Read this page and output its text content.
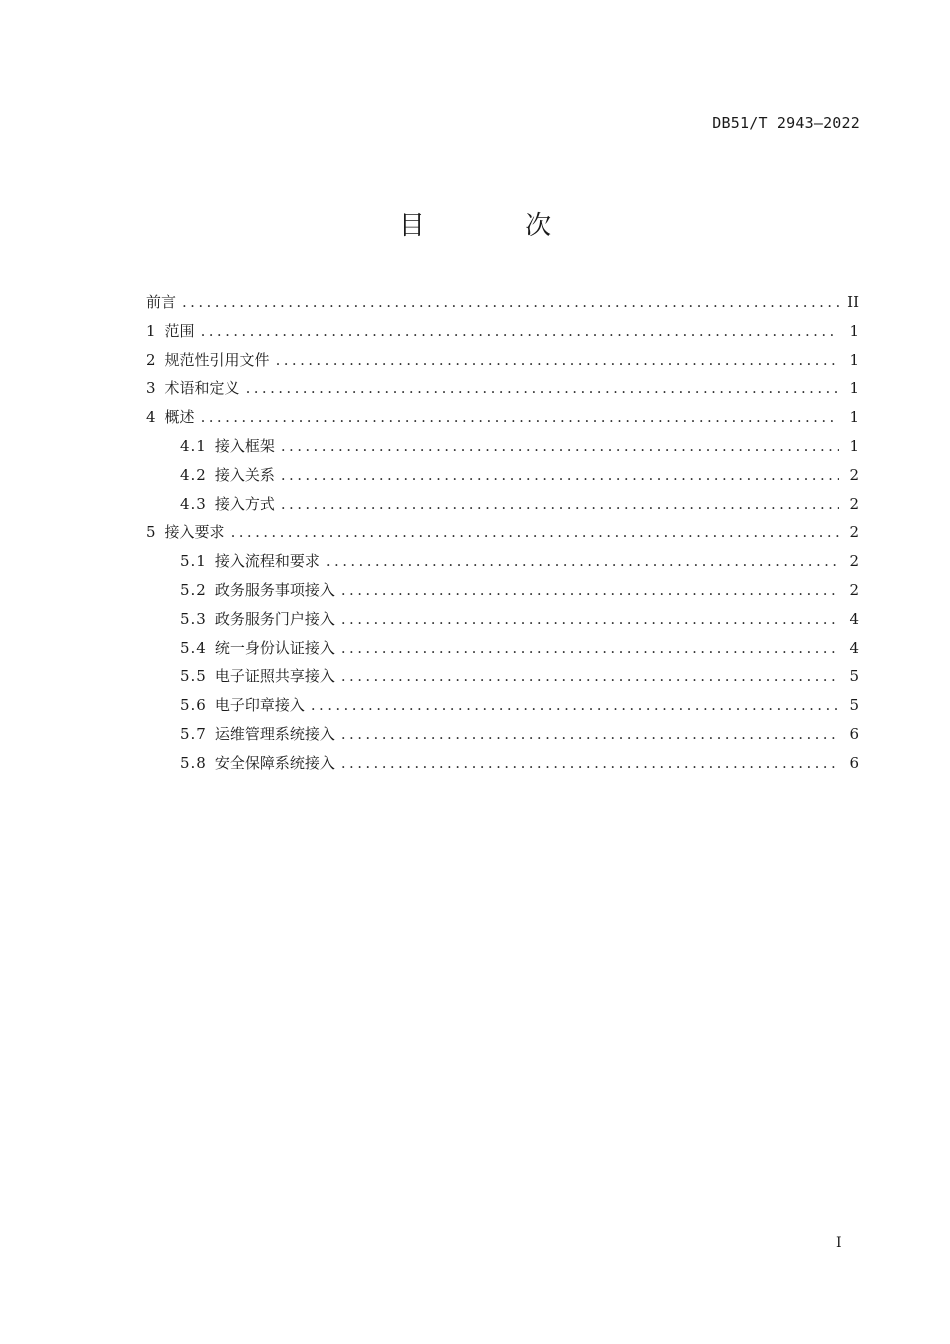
DB51/T 2943—2022
目 次
前言 .....	II
1 范围 .....	1
2 规范性引用文件 .....	1
3 术语和定义 .....	1
4 概述 .....	1
4.1 接入框架 .....	1
4.2 接入关系 .....	2
4.3 接入方式 .....	2
5 接入要求 .....	2
5.1 接入流程和要求 .....	2
5.2 政务服务事项接入 .....	2
5.3 政务服务门户接入 .....	4
5.4 统一身份认证接入 .....	4
5.5 电子证照共享接入 .....	5
5.6 电子印章接入 .....	5
5.7 运维管理系统接入 .....	6
5.8 安全保障系统接入 .....	6
I
